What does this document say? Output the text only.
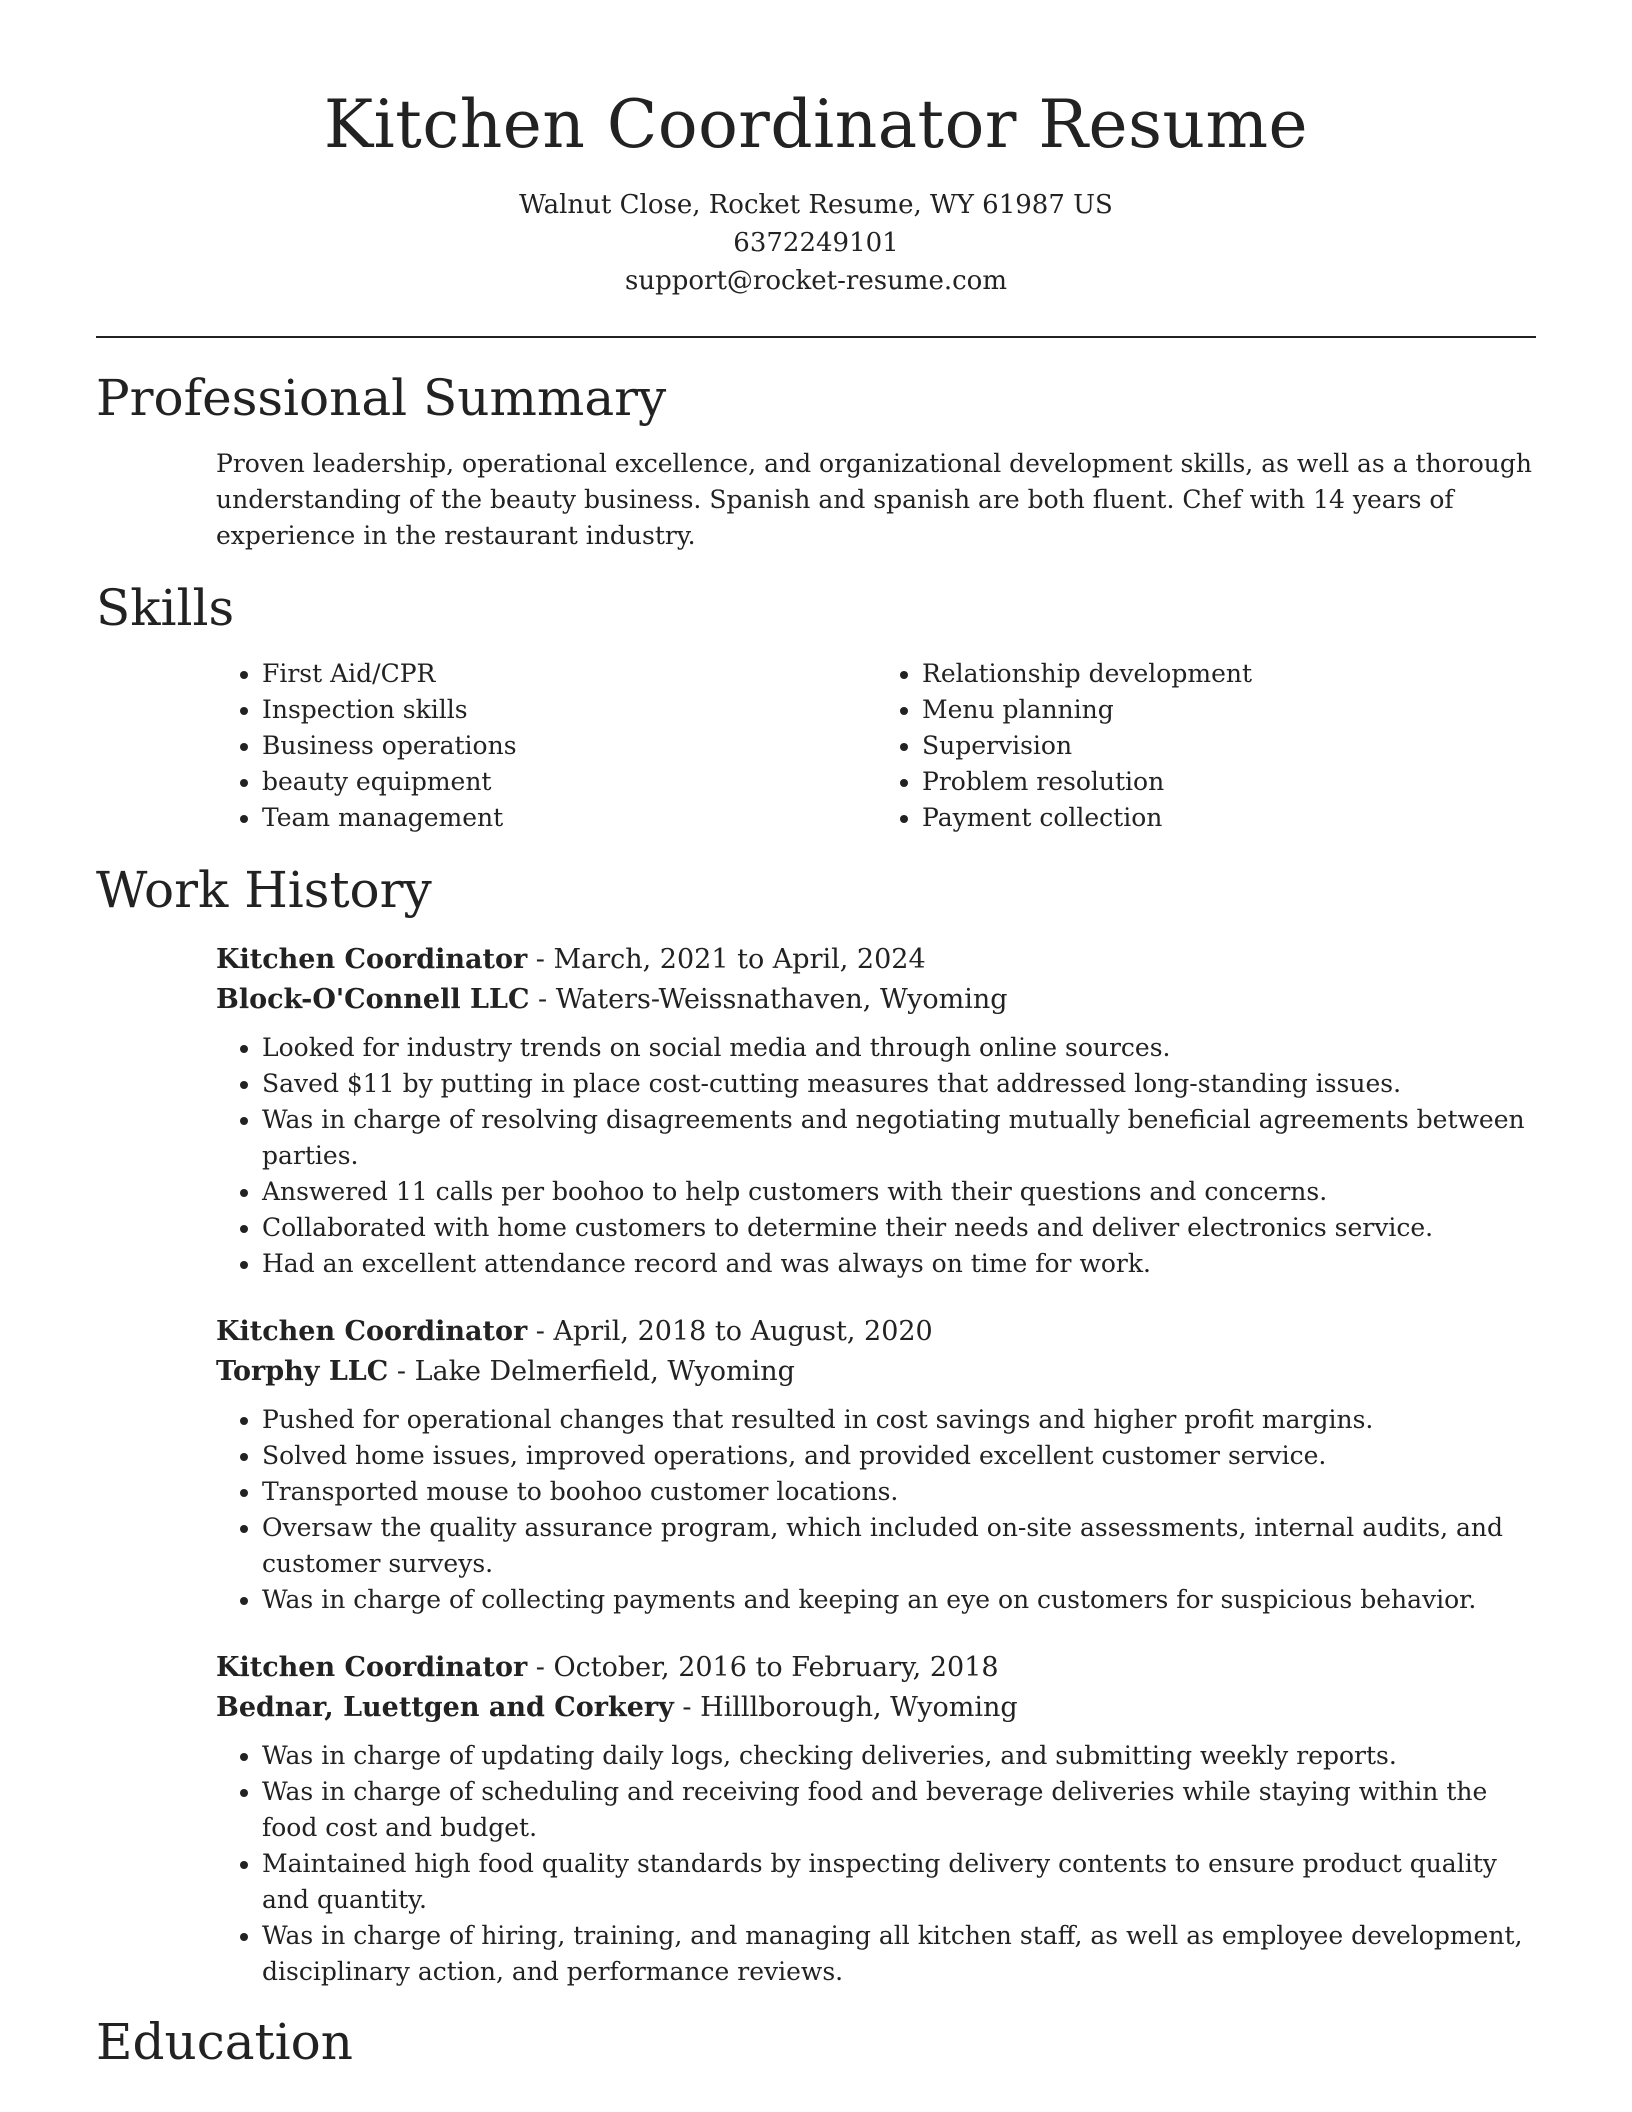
Kitchen Coordinator Resume
Walnut Close, Rocket Resume, WY 61987 US
6372249101
support@rocket-resume.com
Professional Summary

Proven leadership, operational excellence, and organizational development skills, as well as a thorough understanding of the beauty business. Spanish and spanish are both fluent. Chef with 14 years of experience in the restaurant industry.

Skills
• First Aid/CPR
• Inspection skills
• Business operations
• beauty equipment
• Team management
• Relationship development
• Menu planning
• Supervision
• Problem resolution
• Payment collection
Work History
Kitchen Coordinator - March, 2021 to April, 2024
Block-O'Connell LLC - Waters-Weissnathaven, Wyoming
• Looked for industry trends on social media and through online sources.
• Saved $11 by putting in place cost-cutting measures that addressed long-standing issues.
• Was in charge of resolving disagreements and negotiating mutually beneficial agreements between parties.
• Answered 11 calls per boohoo to help customers with their questions and concerns.
• Collaborated with home customers to determine their needs and deliver electronics service.
• Had an excellent attendance record and was always on time for work.
Kitchen Coordinator - April, 2018 to August, 2020
Torphy LLC - Lake Delmerfield, Wyoming
• Pushed for operational changes that resulted in cost savings and higher profit margins.
• Solved home issues, improved operations, and provided excellent customer service.
• Transported mouse to boohoo customer locations.
• Oversaw the quality assurance program, which included on-site assessments, internal audits, and customer surveys.
• Was in charge of collecting payments and keeping an eye on customers for suspicious behavior.
Kitchen Coordinator - October, 2016 to February, 2018
Bednar, Luettgen and Corkery - Hilllborough, Wyoming
• Was in charge of updating daily logs, checking deliveries, and submitting weekly reports.
• Was in charge of scheduling and receiving food and beverage deliveries while staying within the food cost and budget.
• Maintained high food quality standards by inspecting delivery contents to ensure product quality and quantity.
• Was in charge of hiring, training, and managing all kitchen staff, as well as employee development, disciplinary action, and performance reviews.
Education
